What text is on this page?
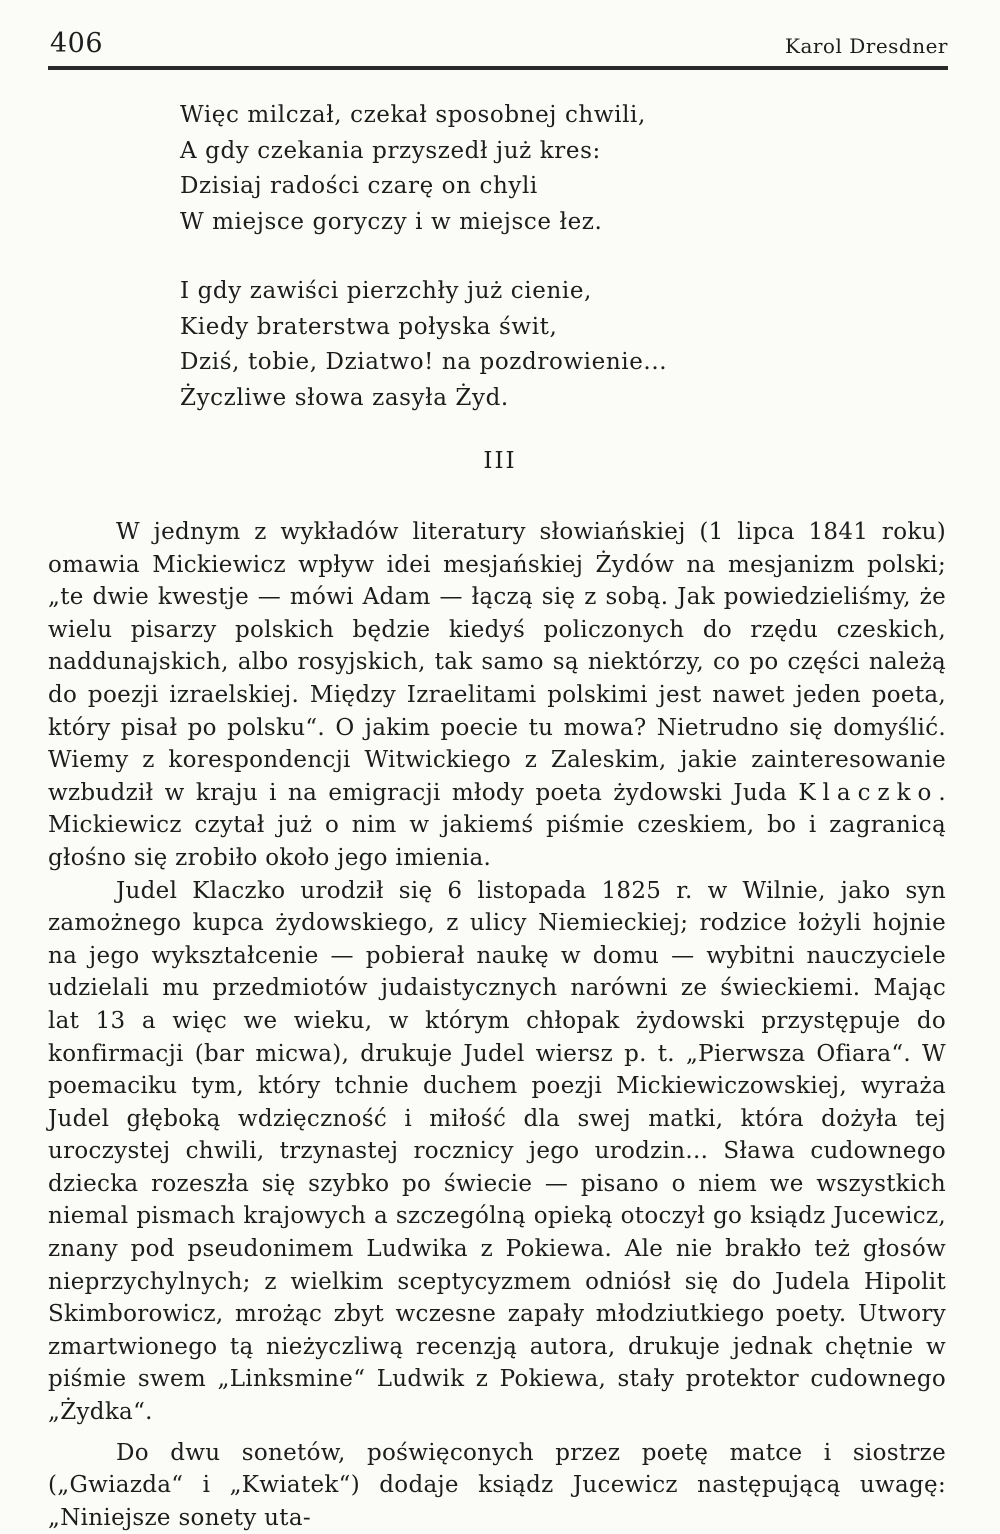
406	Karol Dresdner
Więc milczał, czekał sposobnej chwili,
A gdy czekania przyszedł już kres:
Dzisiaj radości czarę on chyli
W miejsce goryczy i w miejsce łez.
I gdy zawiści pierzchły już cienie,
Kiedy braterstwa połyska świt,
Dziś, tobie, Dziatwo! na pozdrowienie...
Życzliwe słowa zasyła Żyd.
III

W jednym z wykładów literatury słowiańskiej (1 lipca 1841 roku) omawia Mickiewicz wpływ idei mesjańskiej Żydów na mesjanizm polski; „te dwie kwestje — mówi Adam — łączą się z sobą. Jak powiedzieliśmy, że wielu pisarzy polskich będzie kiedyś policzonych do rzędu czeskich, naddunajskich, albo rosyjskich, tak samo są niektórzy, co po części należą do poezji izraelskiej. Między Izraelitami polskimi jest nawet jeden poeta, który pisał po polsku“. O jakim poecie tu mowa? Nietrudno się domyślić. Wiemy z korespondencji Witwickiego z Zaleskim, jakie zainteresowanie wzbudził w kraju i na emigracji młody poeta żydowski Juda Klaczko. Mickiewicz czytał już o nim w jakiemś piśmie czeskiem, bo i zagranicą głośno się zrobiło około jego imienia.

Judel Klaczko urodził się 6 listopada 1825 r. w Wilnie, jako syn zamożnego kupca żydowskiego, z ulicy Niemieckiej; rodzice łożyli hojnie na jego wykształcenie — pobierał naukę w domu — wybitni nauczyciele udzielali mu przedmiotów judaistycznych narówni ze świeckiemi. Mając lat 13 a więc we wieku, w którym chłopak żydowski przystępuje do konfirmacji (bar micwa), drukuje Judel wiersz p. t. „Pierwsza Ofiara“. W poemaciku tym, który tchnie duchem poezji Mickiewiczowskiej, wyraża Judel głęboką wdzięczność i miłość dla swej matki, która dożyła tej uroczystej chwili, trzynastej rocznicy jego urodzin... Sława cudownego dziecka rozeszła się szybko po świecie — pisano o niem we wszystkich niemal pismach krajowych a szczególną opieką otoczył go ksiądz Jucewicz, znany pod pseudonimem Ludwika z Pokiewa. Ale nie brakło też głosów nieprzychylnych; z wielkim sceptycyzmem odniósł się do Judela Hipolit Skimborowicz, mrożąc zbyt wczesne zapały młodziutkiego poety. Utwory zmartwionego tą nieżyczliwą recenzją autora, drukuje jednak chętnie w piśmie swem „Linksmine“ Ludwik z Pokiewa, stały protektor cudownego „Żydka“.

Do dwu sonetów, poświęconych przez poetę matce i siostrze („Gwiazda“ i „Kwiatek“) dodaje ksiądz Jucewicz następującą uwagę: „Niniejsze sonety uta-
